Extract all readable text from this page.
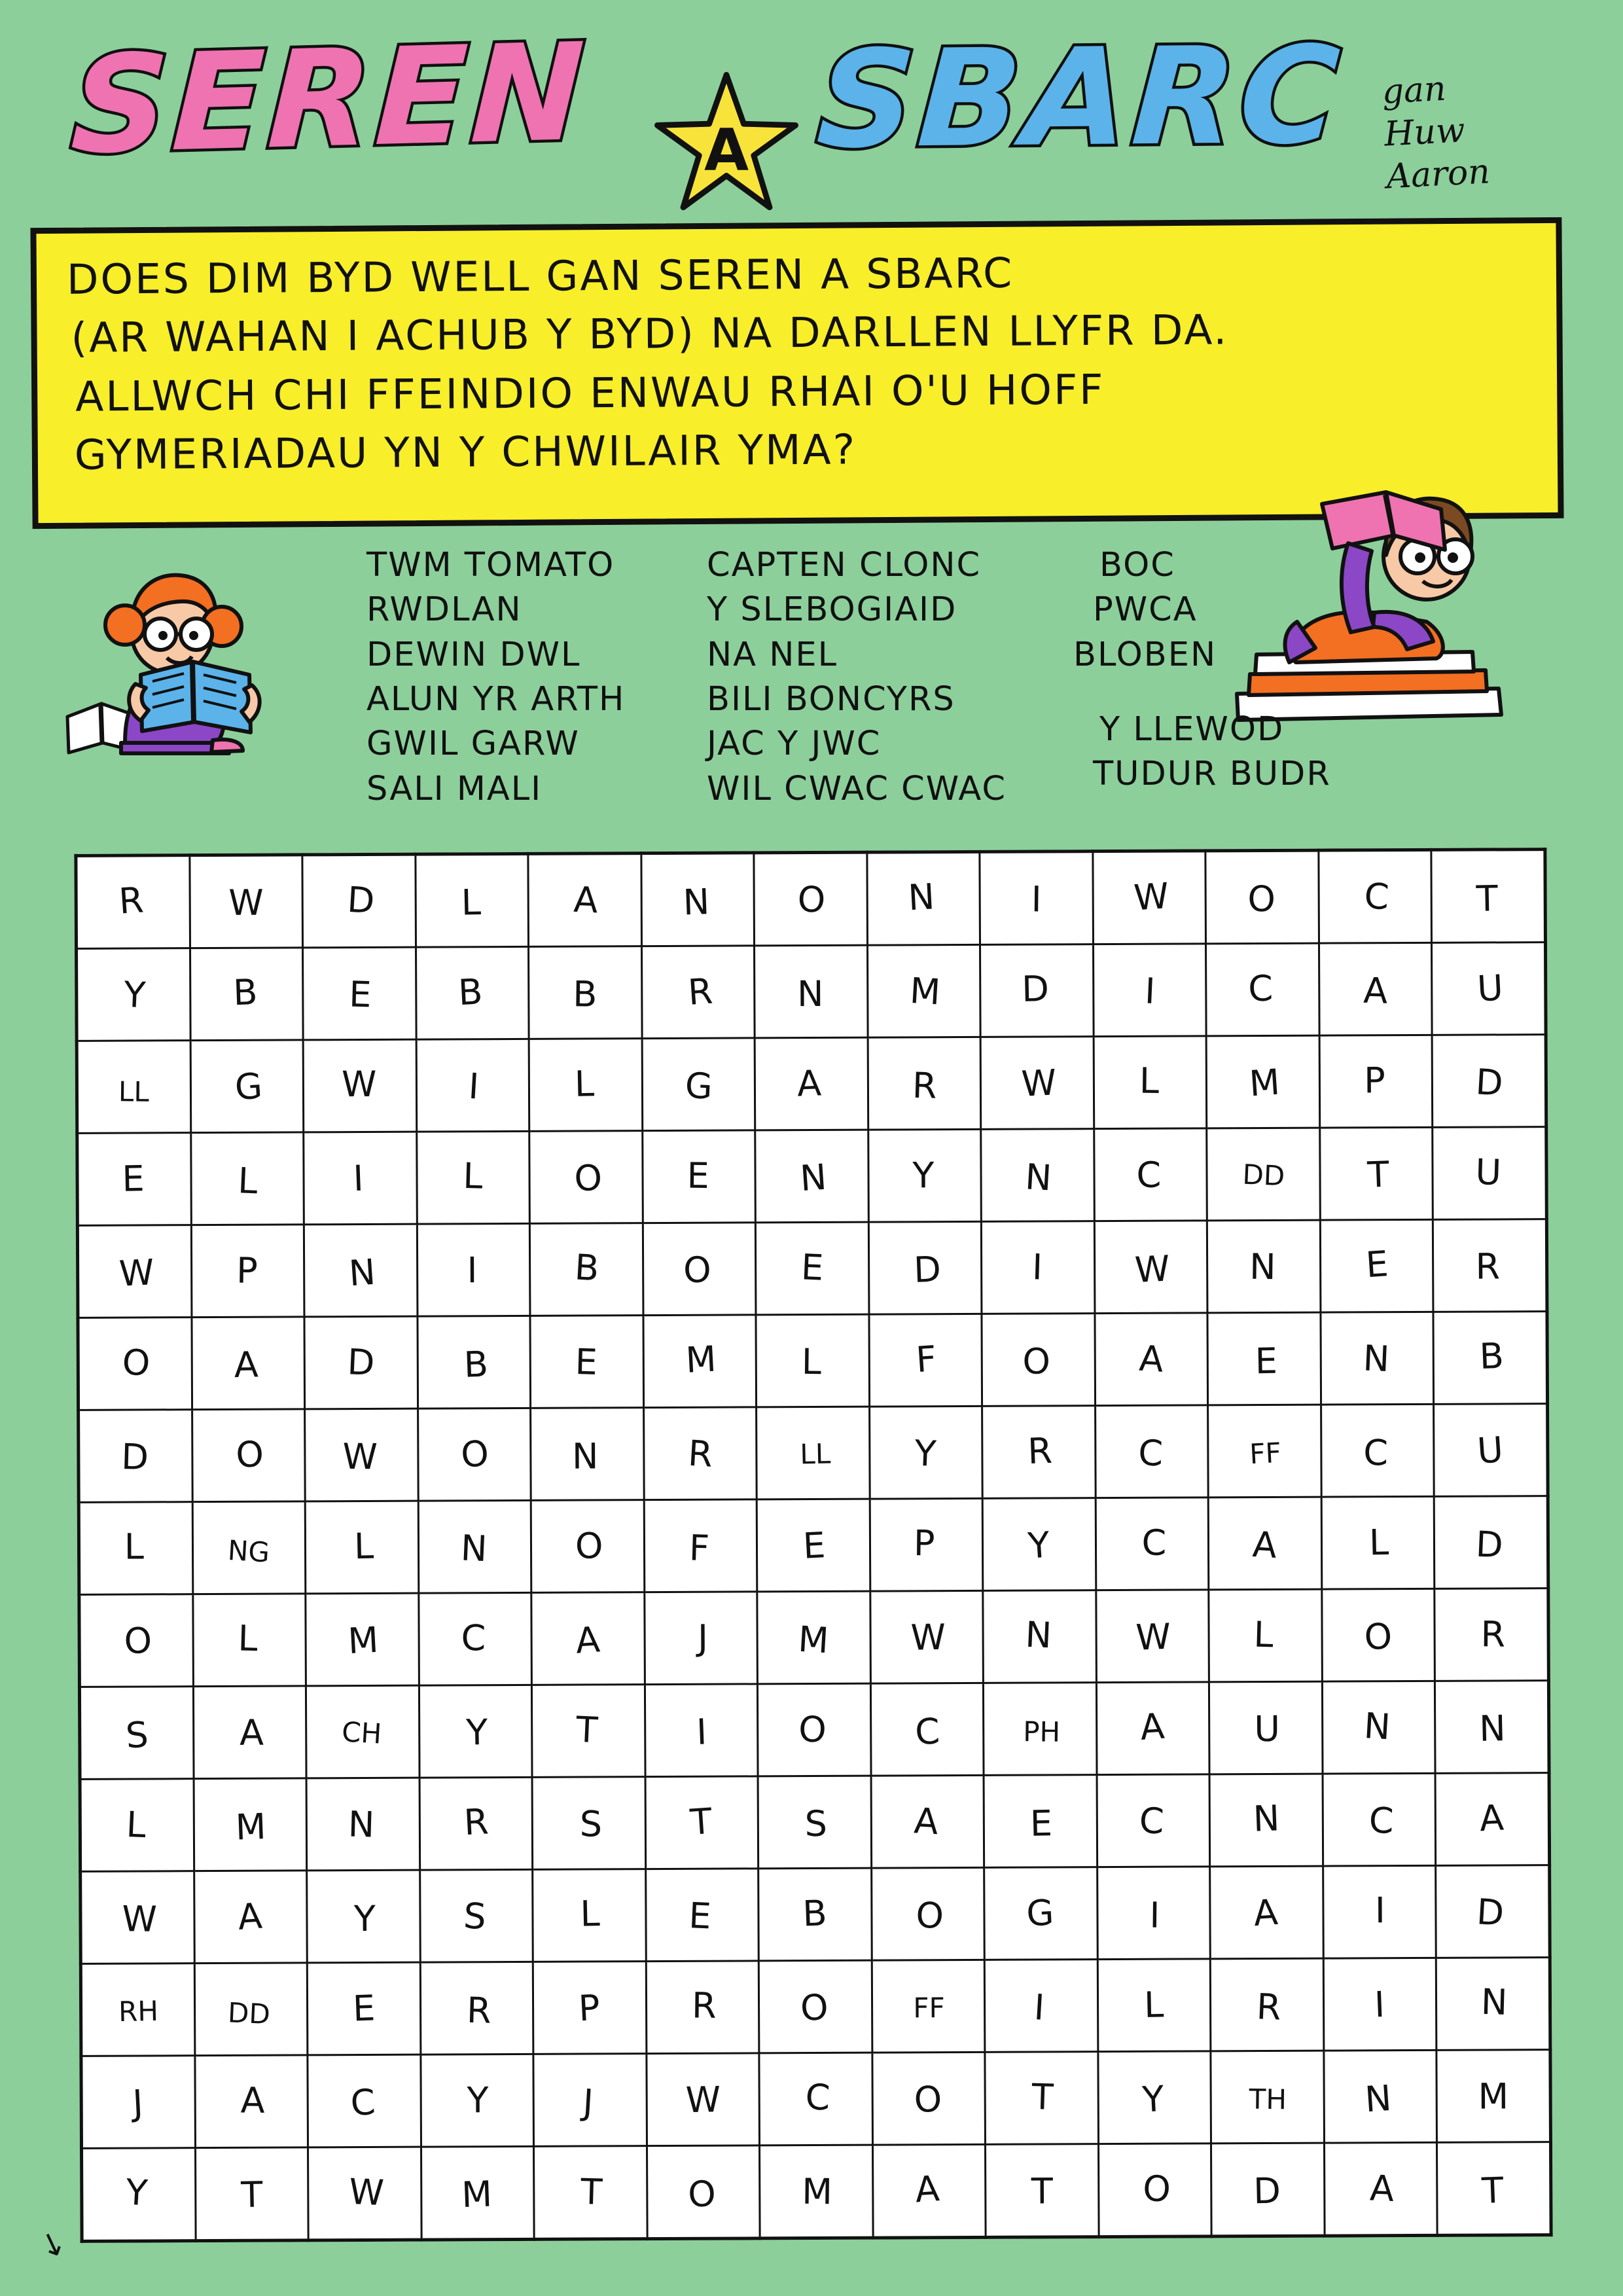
SEREN	A SBARC gan
Huw
Aaron

DOES DIM BYD WELL GAN SEREN A SBARC

(AR WAHAN I ACHUB Y BYD) NA DARLLEN LLYFR DA.

ALLWCH CHI FFEINDIO ENWAU RHAI O'U HOFF

GYMERIADAU YN Y CHWILAIR YMA?

TWM TOMATO
RWDLAN
DEWIN DWL
ALUN YR ARTH
GWIL GARW
SALI MALI
CAPTEN CLONC
Y SLEBOGIAID
NA NEL
BILI BONCYRS
JAC Y JWC
WIL CWAC CWAC
BOC
PWCA
BLOBEN
Y LLEWOD
TUDUR BUDR
R	W	D	L	A	N	O	N	I	W	O	C	T
Y	B	E	B	B	R	N	M	D	I	C	A	U
LL	G	W	I	L	G	A	R	W	L	M	P	D
E	L	I	L	O	E	N	Y	N	C	DD	T	U
W	P	N	I	B	O	E	D	I	W	N	E	R
O	A	D	B	E	M	L	F	O	A	E	N	B
D	O	W	O	N	R	LL	Y	R	C	FF	C	U
L	NG	L	N	O	F	E	P	Y	C	A	L	D
O	L	M	C	A	J	M	W	N	W	L	O	R
S	A	CH	Y	T	I	O	C	PH	A	U	N	N
L	M	N	R	S	T	S	A	E	C	N	C	A
W	A	Y	S	L	E	B	O	G	I	A	I	D
RH	DD	E	R	P	R	O	FF	I	L	R	I	N
J	A	C	Y	J	W	C	O	T	Y	TH	N	M
Y	T	W	M	T	O	M	A	T	O	D	A	T
↘
